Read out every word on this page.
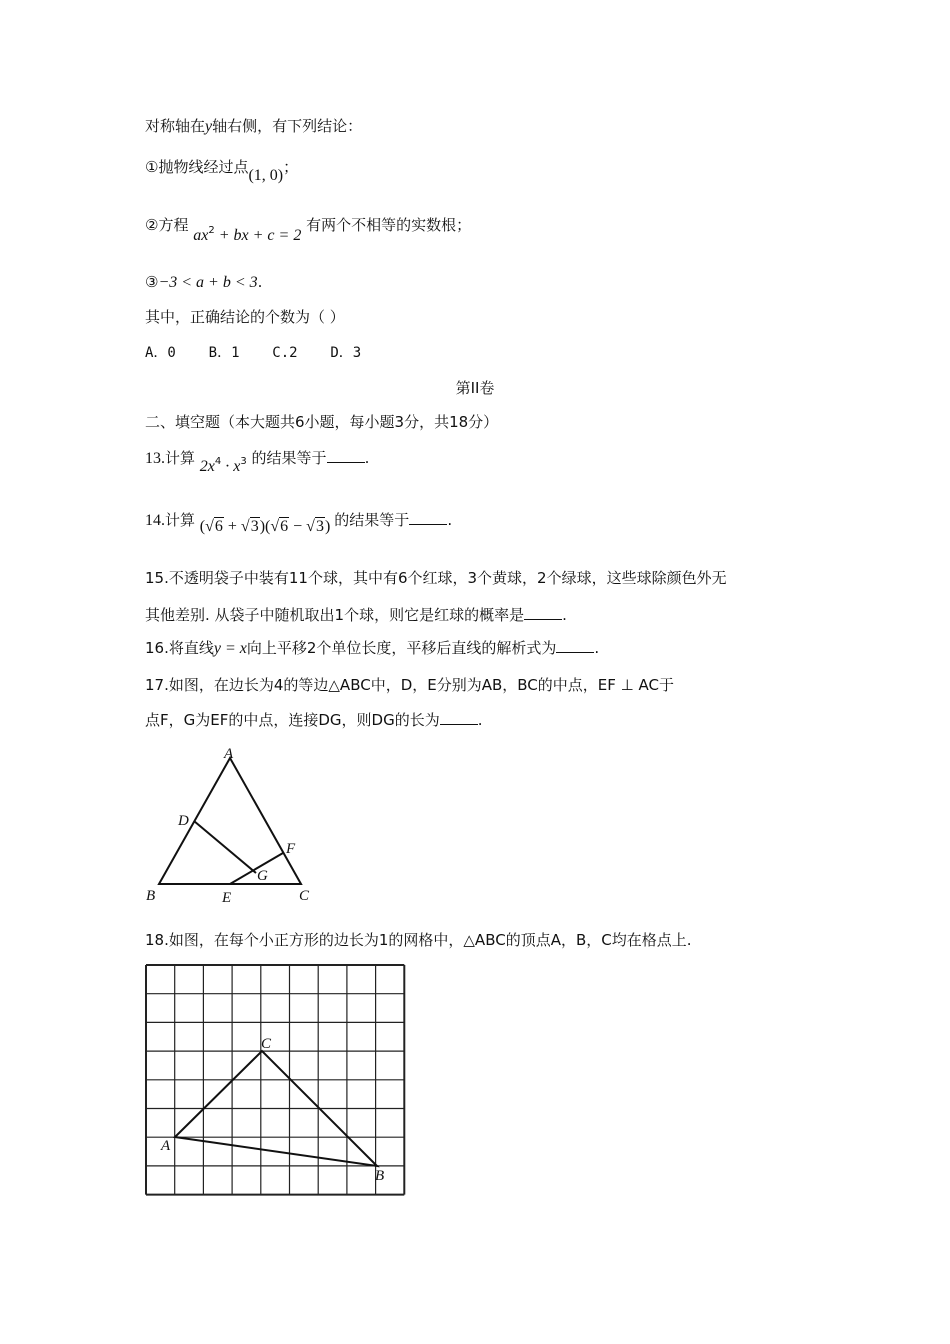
对称轴在y轴右侧，有下列结论：
①抛物线经过点(1, 0)；
②方程 $ax^2$ + bx + c = 2 有两个不相等的实数根；
③−3 < a + b < 3.
其中，正确结论的个数为（ ）
A．0 B．1 C.2 D．3
第II卷
二、填空题（本大题共6小题，每小题3分，共18分）
13.计算 $2x^4 \cdot x^3$ 的结果等于	.
14.计算 (√6 + √3)(√6 − √3) 的结果等于	.
15.不透明袋子中装有11个球，其中有6个红球，3个黄球，2个绿球，这些球除颜色外无
其他差别. 从袋子中随机取出1个球，则它是红球的概率是	.
16.将直线y = x向上平移2个单位长度，平移后直线的解析式为	.
17.如图，在边长为4的等边△ABC中，D，E分别为AB，BC的中点，EF ⊥ AC于
点F，G为EF的中点，连接DG，则DG的长为	.
A
B	C
D
E
F
G
18.如图，在每个小正方形的边长为1的网格中，△ABC的顶点A，B，C均在格点上.
A
B
C
